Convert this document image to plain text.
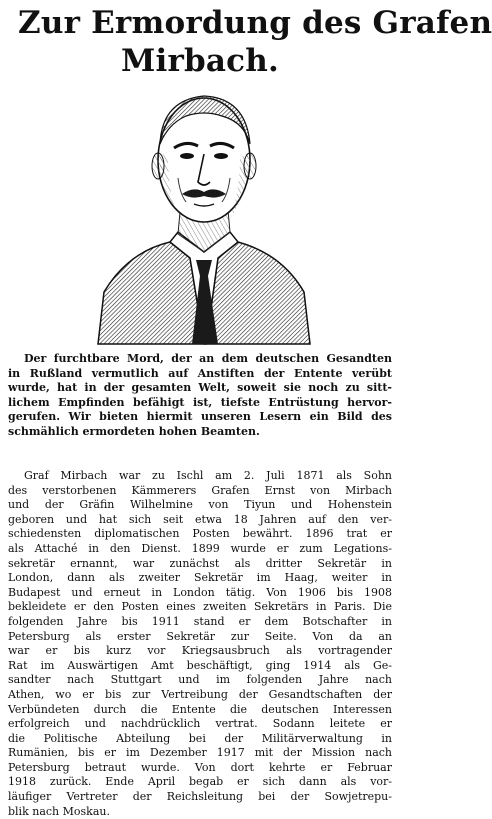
Zur Ermordung des Grafen
Mirbach.
Der furchtbare Mord, der an dem deutschen Gesandten
in Rußland vermutlich auf Anstiften der Entente verübt
wurde, hat in der gesamten Welt, soweit sie noch zu sitt-
lichem Empfinden befähigt ist, tiefste Entrüstung hervor-
gerufen. Wir bieten hiermit unseren Lesern ein Bild des
schmählich ermordeten hohen Beamten.
Graf Mirbach war zu Ischl am 2. Juli 1871 als Sohn
des verstorbenen Kämmerers Grafen Ernst von Mirbach
und der Gräfin Wilhelmine von Tiyun und Hohenstein
geboren und hat sich seit etwa 18 Jahren auf den ver-
schiedensten diplomatischen Posten bewährt. 1896 trat er
als Attaché in den Dienst. 1899 wurde er zum Legations-
sekretär ernannt, war zunächst als dritter Sekretär in
London, dann als zweiter Sekretär im Haag, weiter in
Budapest und erneut in London tätig. Von 1906 bis 1908
bekleidete er den Posten eines zweiten Sekretärs in Paris. Die
folgenden Jahre bis 1911 stand er dem Botschafter in
Petersburg als erster Sekretär zur Seite. Von da an
war er bis kurz vor Kriegsausbruch als vortragender
Rat im Auswärtigen Amt beschäftigt, ging 1914 als Ge-
sandter nach Stuttgart und im folgenden Jahre nach
Athen, wo er bis zur Vertreibung der Gesandtschaften der
Verbündeten durch die Entente die deutschen Interessen
erfolgreich und nachdrücklich vertrat. Sodann leitete er
die Politische Abteilung bei der Militärverwaltung in
Rumänien, bis er im Dezember 1917 mit der Mission nach
Petersburg betraut wurde. Von dort kehrte er Februar
1918 zurück. Ende April begab er sich dann als vor-
läufiger Vertreter der Reichsleitung bei der Sowjetrepu-
blik nach Moskau.
